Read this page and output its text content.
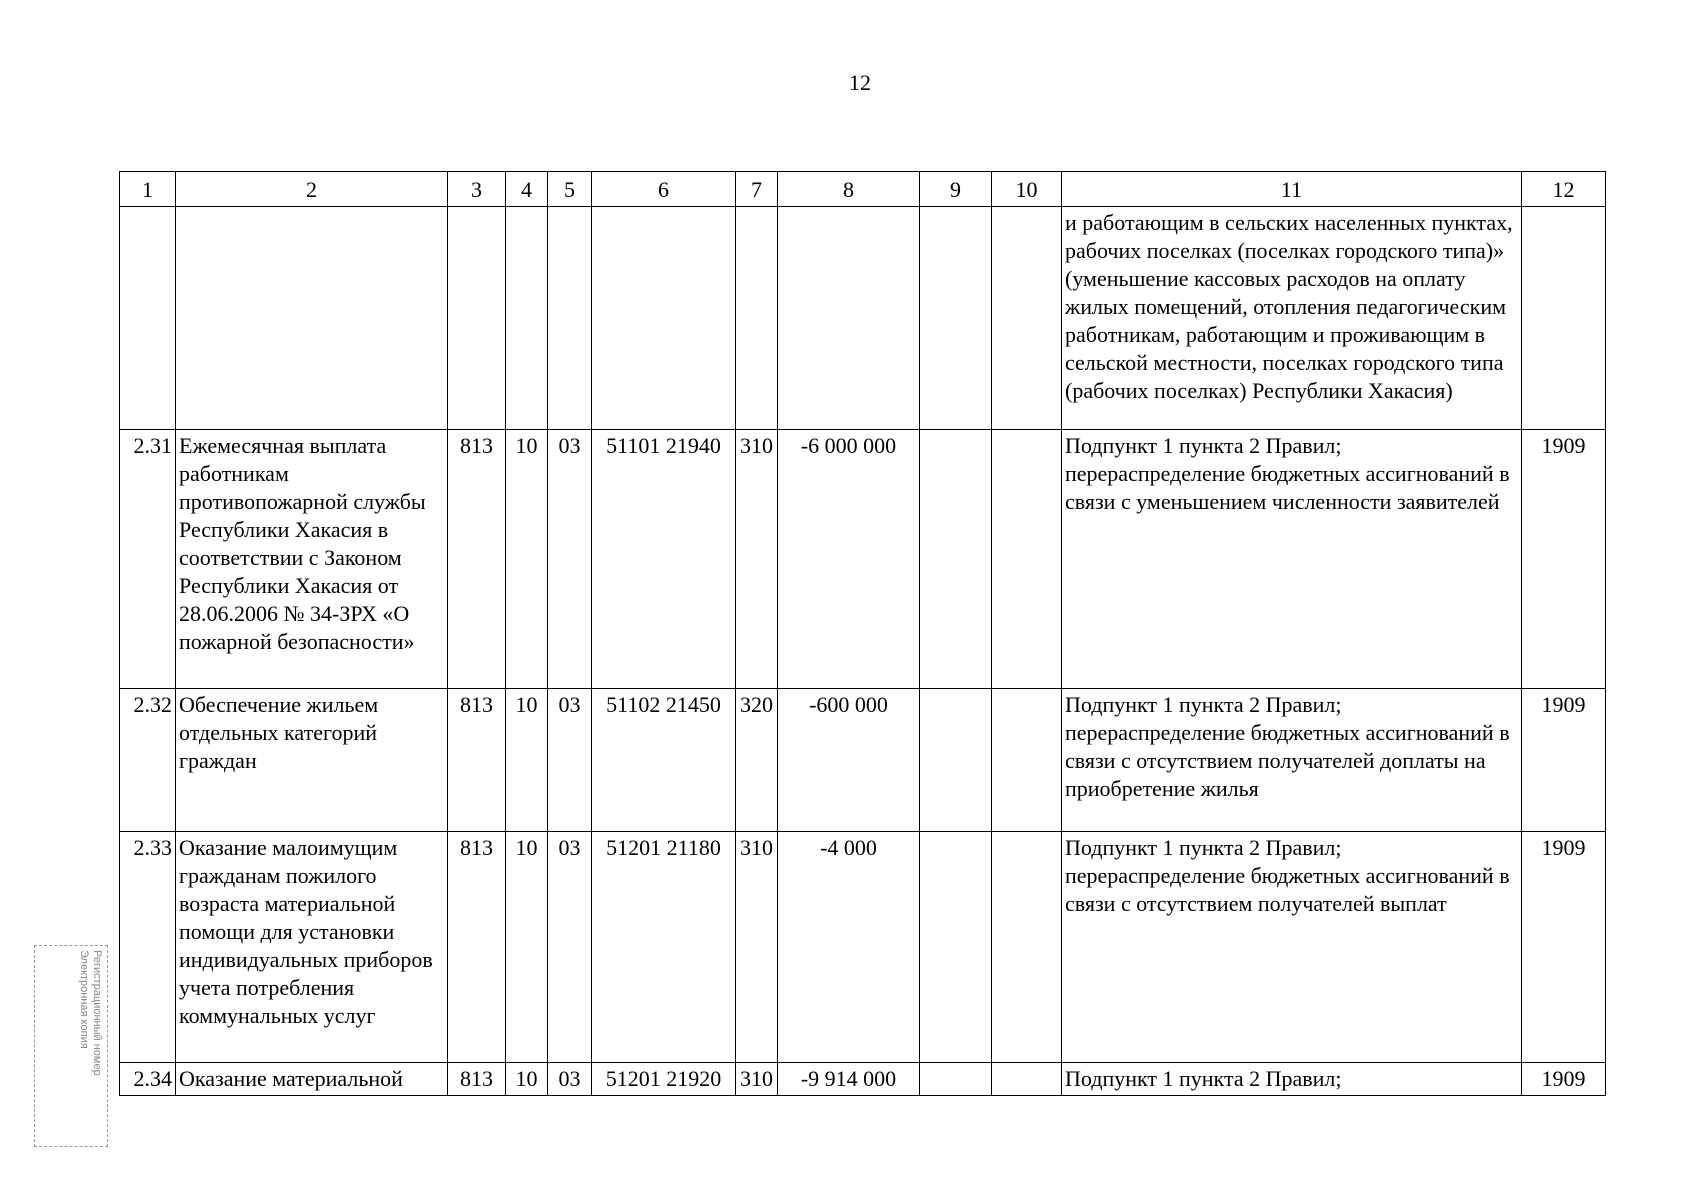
12
1	2	3	4	5	6	7	8	9	10	11	12
										и работающим в сельских населенных пунктах, рабочих поселках (поселках городского типа)» (уменьшение кассовых расходов на оплату жилых помещений, отопления педагогическим работникам, работающим и проживающим в сельской местности, поселках городского типа (рабочих поселках) Республики Хакасия)	
2.31	Ежемесячная выплата работникам противопожарной службы Республики Хакасия в соответствии с Законом Республики Хакасия от 28.06.2006 № 34-ЗРХ «О пожарной безопасности»	813	10	03	51101 21940	310	-6 000 000			Подпункт 1 пункта 2 Правил; перераспределение бюджетных ассигнований в связи с уменьшением численности заявителей	1909
2.32	Обеспечение жильем отдельных категорий граждан	813	10	03	51102 21450	320	-600 000			Подпункт 1 пункта 2 Правил; перераспределение бюджетных ассигнований в связи с отсутствием получателей доплаты на приобретение жилья	1909
2.33	Оказание малоимущим гражданам пожилого возраста материальной помощи для установки индивидуальных приборов учета потребления коммунальных услуг	813	10	03	51201 21180	310	-4 000			Подпункт 1 пункта 2 Правил; перераспределение бюджетных ассигнований в связи с отсутствием получателей выплат	1909
2.34	Оказание материальной	813	10	03	51201 21920	310	-9 914 000			Подпункт 1 пункта 2 Правил;	1909
Регистрационный номер Электронная копия
